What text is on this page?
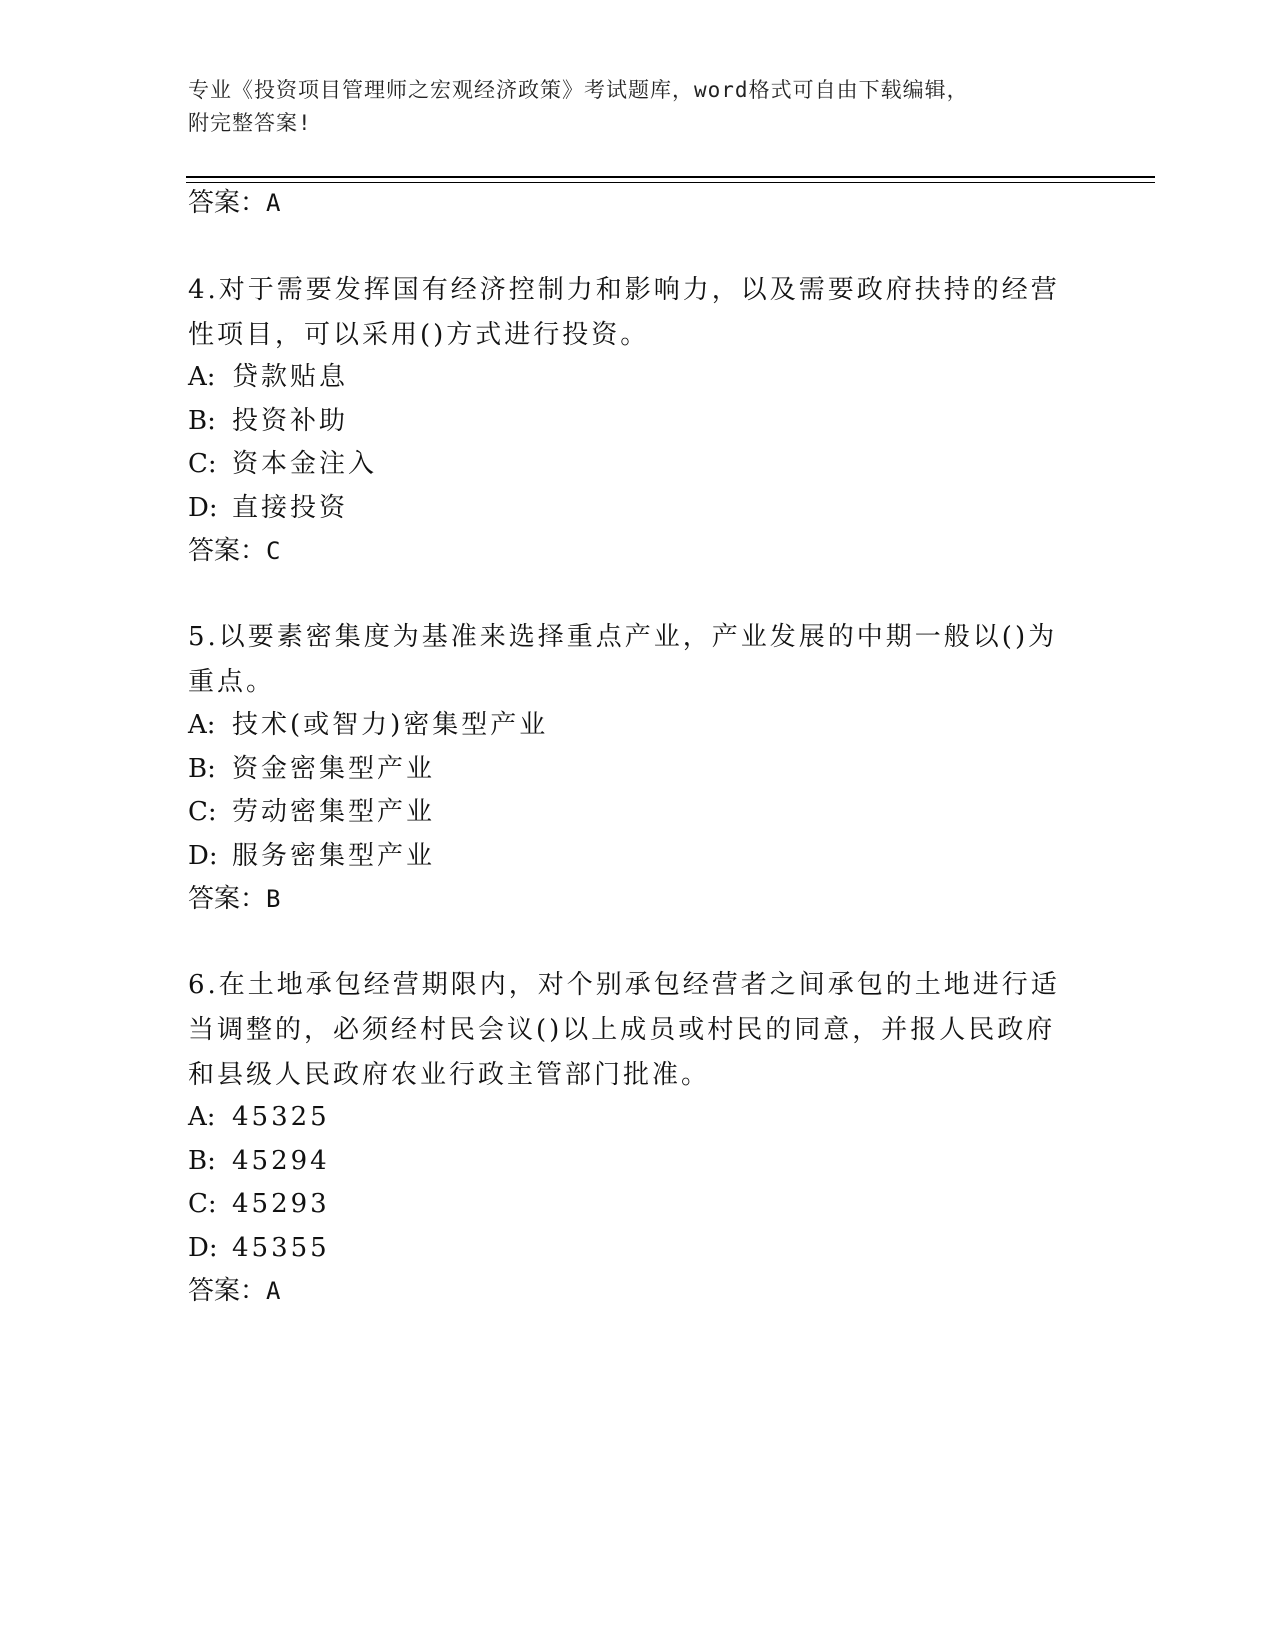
专业《投资项目管理师之宏观经济政策》考试题库，word格式可自由下载编辑，
附完整答案!
答案：A
4.对于需要发挥国有经济控制力和影响力，以及需要政府扶持的经营
性项目，可以采用()方式进行投资。
A: 贷款贴息
B: 投资补助
C: 资本金注入
D: 直接投资
答案：C
5.以要素密集度为基准来选择重点产业，产业发展的中期一般以()为
重点。
A: 技术(或智力)密集型产业
B: 资金密集型产业
C: 劳动密集型产业
D: 服务密集型产业
答案：B
6.在土地承包经营期限内，对个别承包经营者之间承包的土地进行适
当调整的，必须经村民会议()以上成员或村民的同意，并报人民政府
和县级人民政府农业行政主管部门批准。
A: 45325
B: 45294
C: 45293
D: 45355
答案：A
